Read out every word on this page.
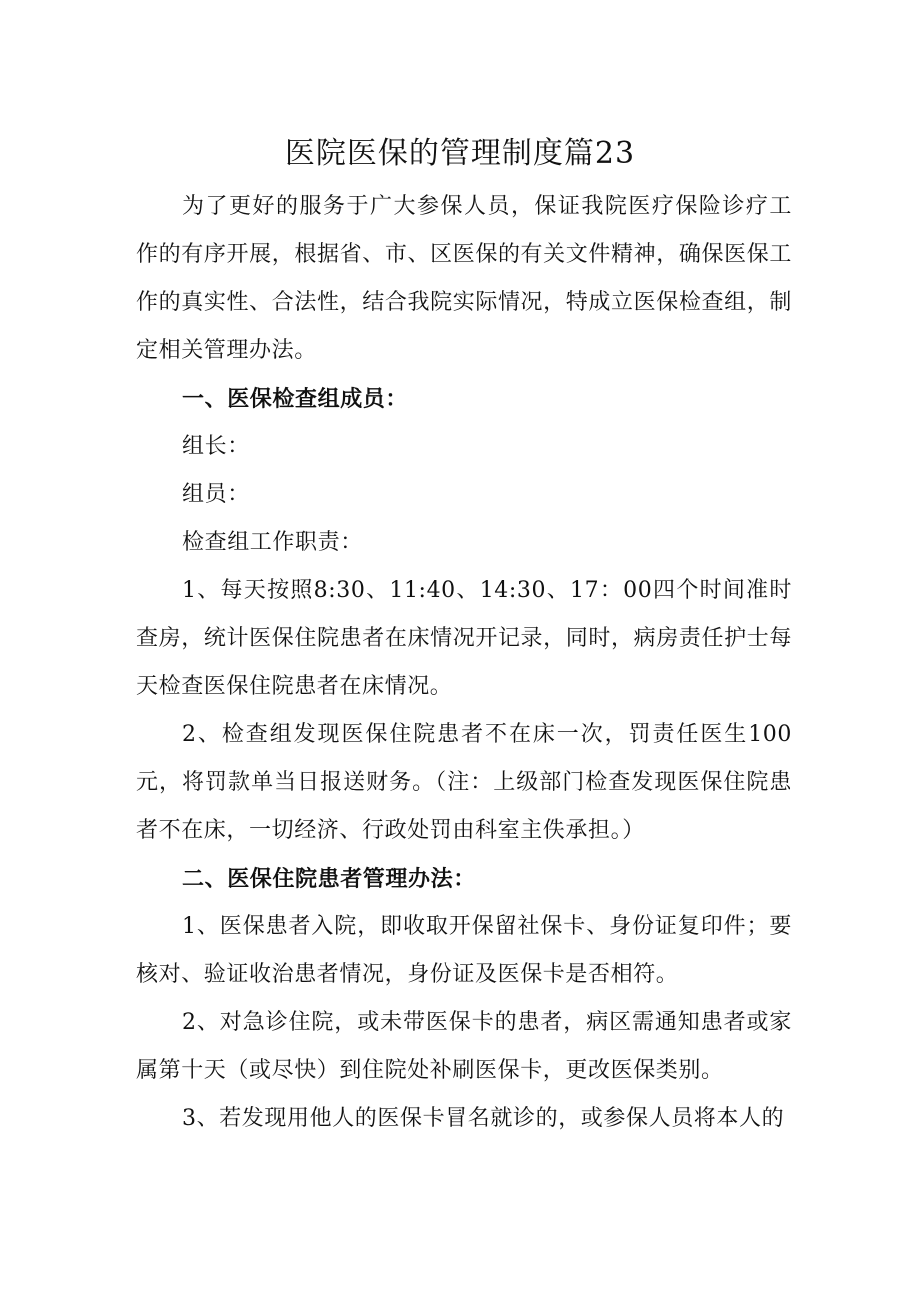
医院医保的管理制度篇23

为了更好的服务于广大参保人员，保证我院医疗保险诊疗工作的有序开展，根据省、市、区医保的有关文件精神，确保医保工作的真实性、合法性，结合我院实际情况，特成立医保检查组，制定相关管理办法。

一、医保检查组成员：

组长：

组员：

检查组工作职责：

1、每天按照8:30、11:40、14:30、17：00四个时间准时查房，统计医保住院患者在床情况开记录，同时，病房责任护士每天检查医保住院患者在床情况。

2、检查组发现医保住院患者不在床一次，罚责任医生100元，将罚款单当日报送财务。（注：上级部门检查发现医保住院患者不在床，一切经济、行政处罚由科室主佚承担。）

二、医保住院患者管理办法：

1、医保患者入院，即收取开保留社保卡、身份证复印件；要核对、验证收治患者情况，身份证及医保卡是否相符。

2、对急诊住院，或未带医保卡的患者，病区需通知患者或家属第十天（或尽快）到住院处补刷医保卡，更改医保类别。

3、若发现用他人的医保卡冒名就诊的，或参保人员将本人的
